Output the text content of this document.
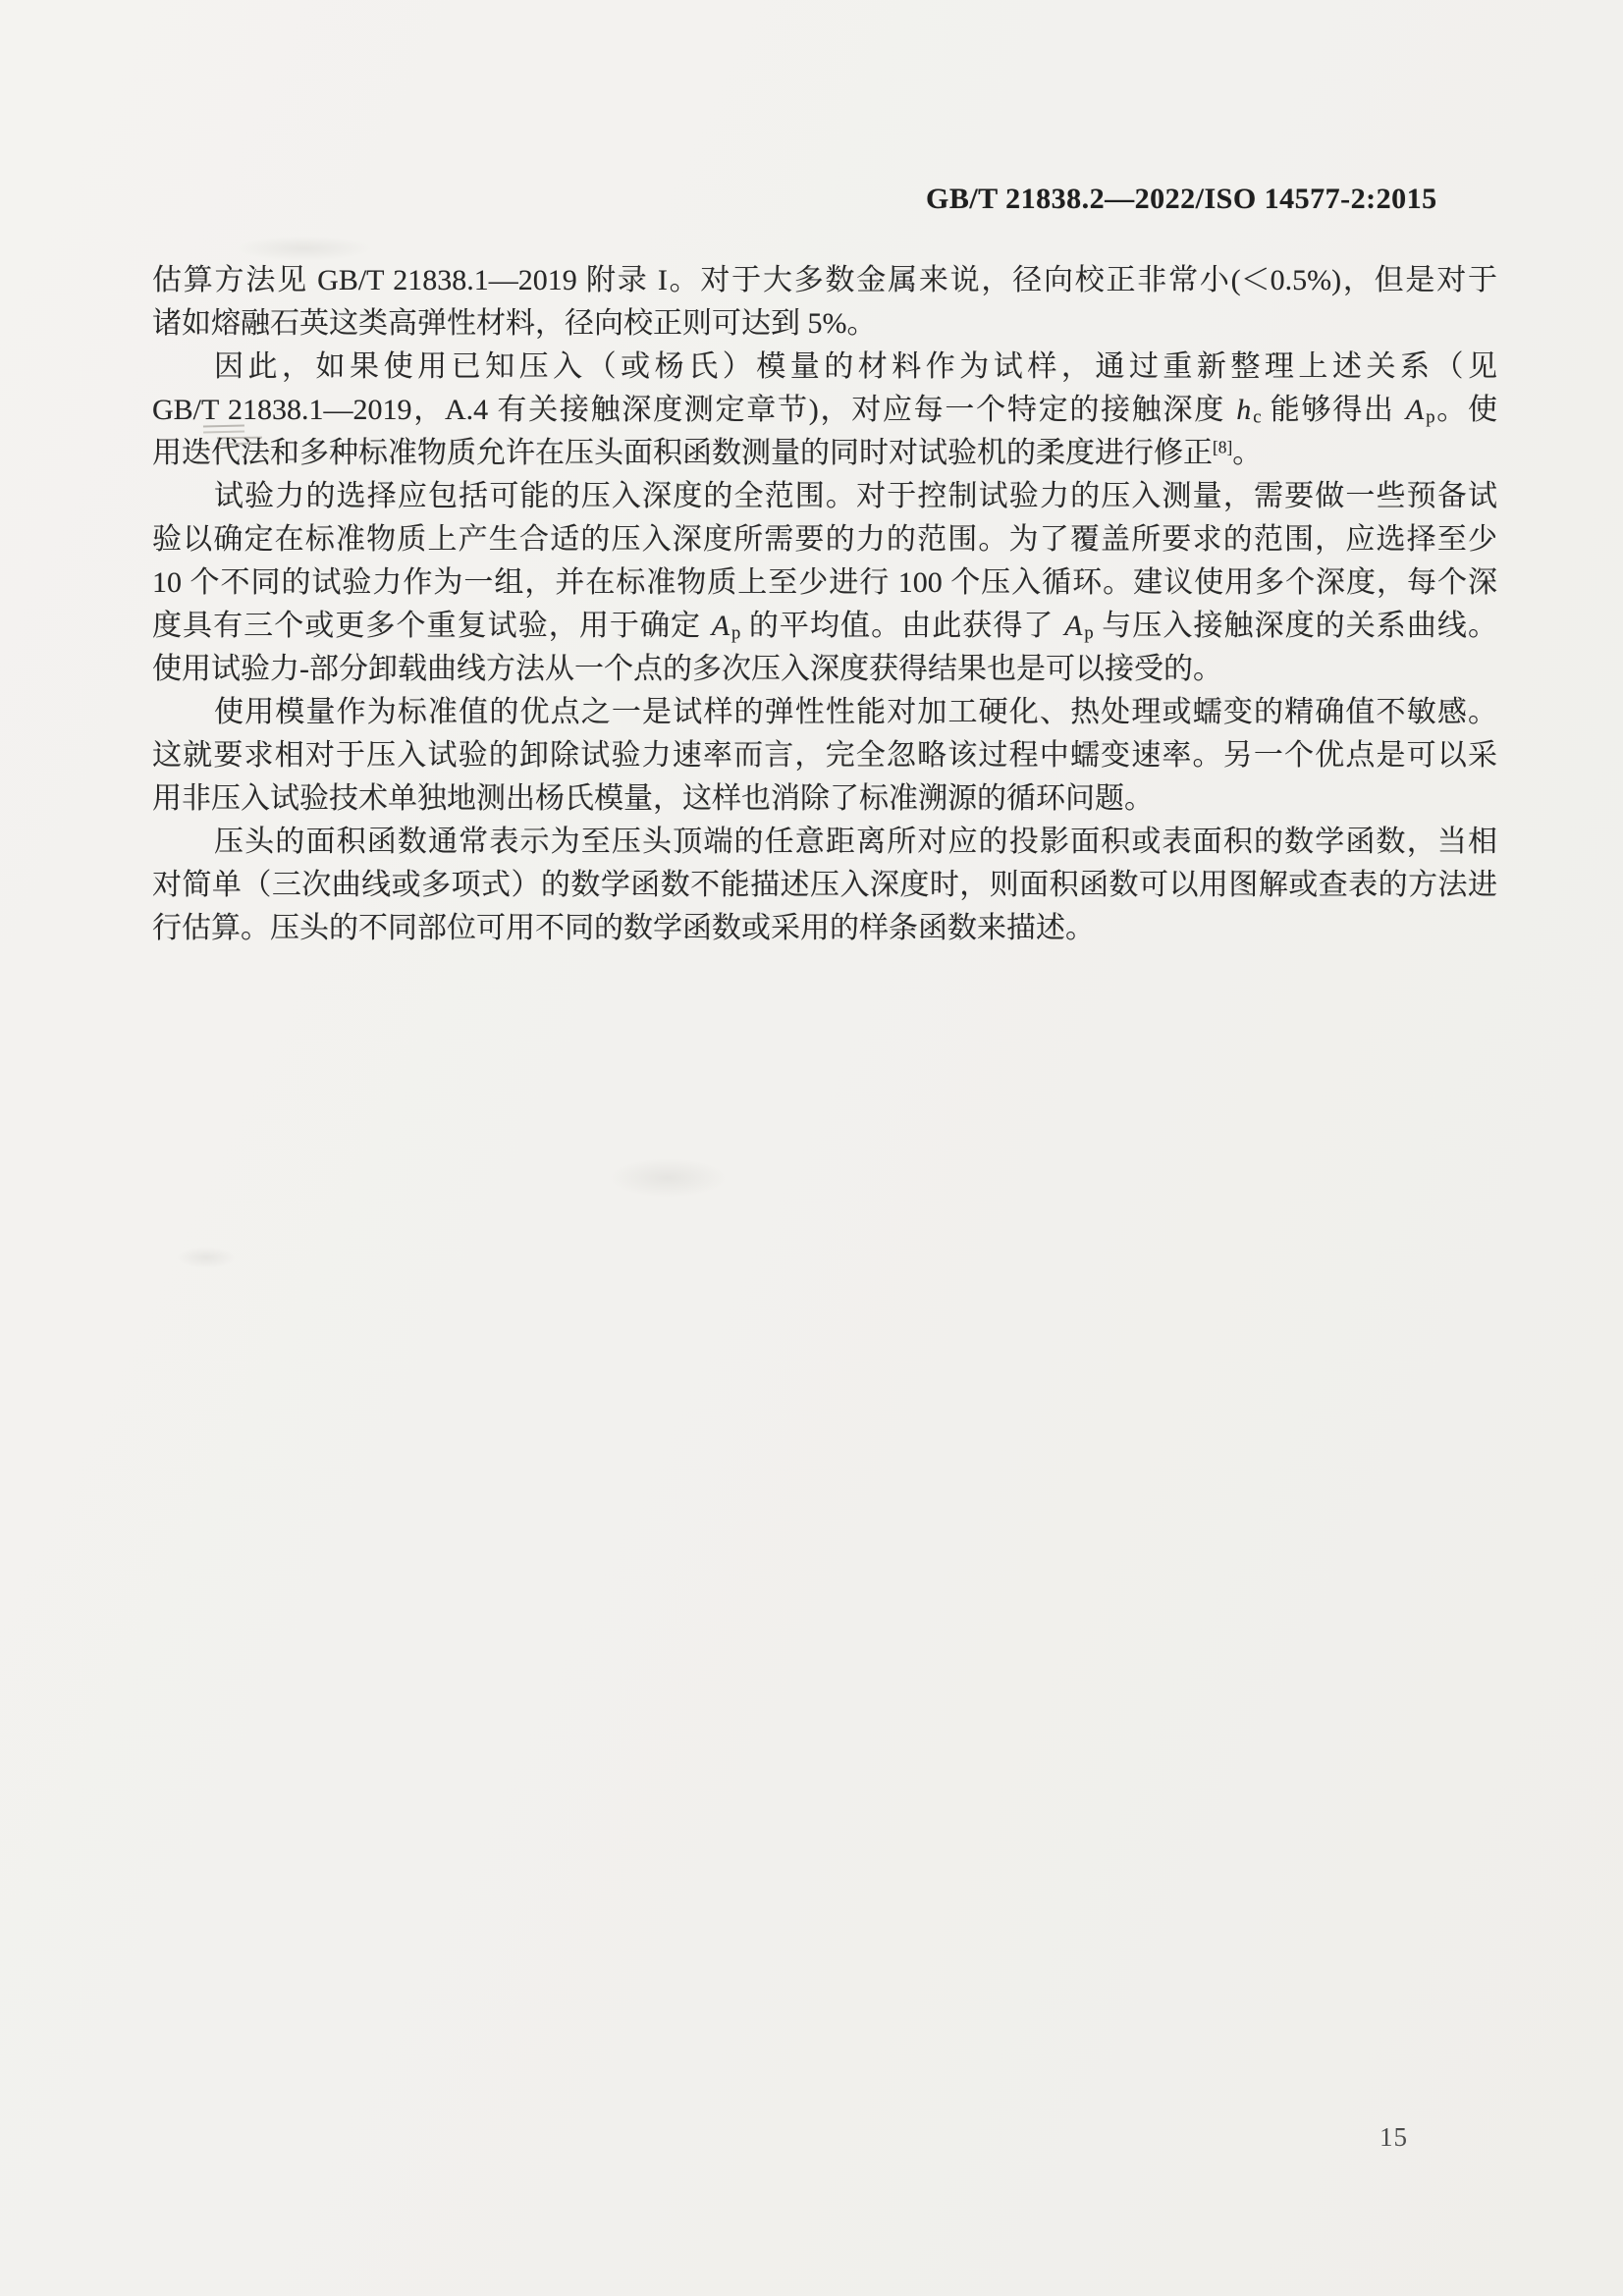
GB/T 21838.2—2022/ISO 14577-2:2015
估算方法见 GB/T 21838.1—2019 附录 I。对于大多数金属来说，径向校正非常小(＜0.5%)，但是对于
诸如熔融石英这类高弹性材料，径向校正则可达到 5%。
因此，如果使用已知压入（或杨氏）模量的材料作为试样，通过重新整理上述关系（见
GB/T 21838.1—2019，A.4 有关接触深度测定章节)，对应每一个特定的接触深度 h $_c$ 能够得出 A $_p$。使
用迭代法和多种标准物质允许在压头面积函数测量的同时对试验机的柔度进行修正[8]。
试验力的选择应包括可能的压入深度的全范围。对于控制试验力的压入测量，需要做一些预备试
验以确定在标准物质上产生合适的压入深度所需要的力的范围。为了覆盖所要求的范围，应选择至少
10 个不同的试验力作为一组，并在标准物质上至少进行 100 个压入循环。建议使用多个深度，每个深
度具有三个或更多个重复试验，用于确定 A $_p$ 的平均值。由此获得了 A $_p$ 与压入接触深度的关系曲线。
使用试验力-部分卸载曲线方法从一个点的多次压入深度获得结果也是可以接受的。
使用模量作为标准值的优点之一是试样的弹性性能对加工硬化、热处理或蠕变的精确值不敏感。
这就要求相对于压入试验的卸除试验力速率而言，完全忽略该过程中蠕变速率。另一个优点是可以采
用非压入试验技术单独地测出杨氏模量，这样也消除了标准溯源的循环问题。
压头的面积函数通常表示为至压头顶端的任意距离所对应的投影面积或表面积的数学函数，当相
对简单（三次曲线或多项式）的数学函数不能描述压入深度时，则面积函数可以用图解或查表的方法进
行估算。压头的不同部位可用不同的数学函数或采用的样条函数来描述。
15
